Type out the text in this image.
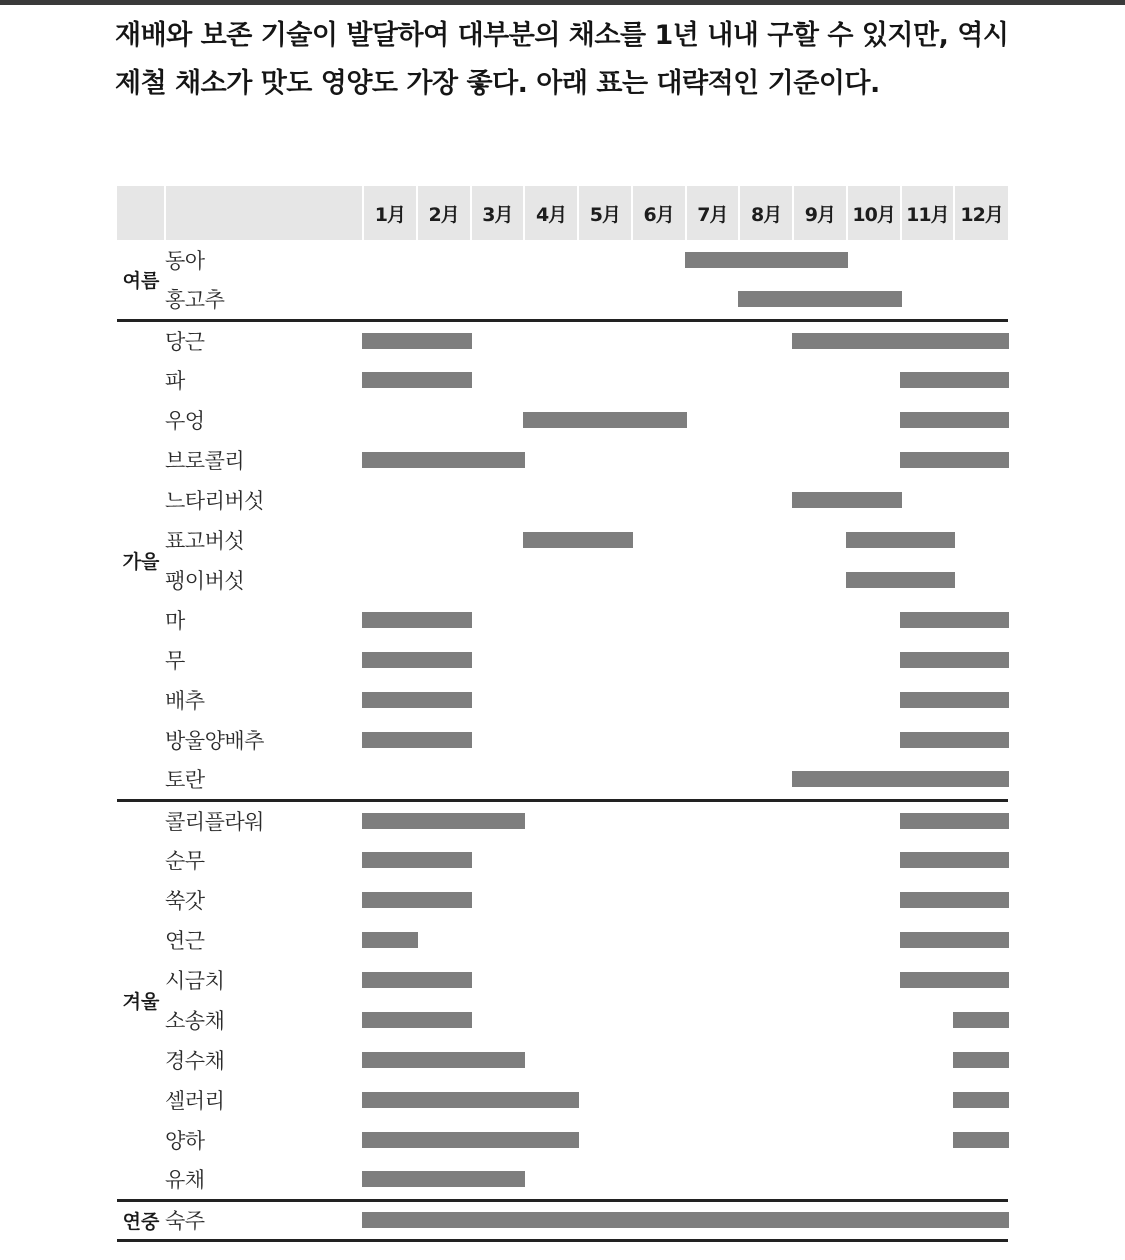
재배와 보존 기술이 발달하여 대부분의 채소를 1년 내내 구할 수 있지만, 역시

제철 채소가 맛도 영양도 가장 좋다. 아래 표는 대략적인 기준이다.

		1月	2月	3月	4月	5月	6月	7月	8月	9月	10月	11月	12月
여름	동아												
	홍고추												
가을	당근												
	파												
	우엉												
	브로콜리												
	느타리버섯												
	표고버섯												
	팽이버섯												
	마												
	무												
	배추												
	방울양배추												
	토란												
겨울	콜리플라워												
	순무												
	쑥갓												
	연근												
	시금치												
	소송채												
	경수채												
	셀러리												
	양하												
	유채												
연중	숙주												
